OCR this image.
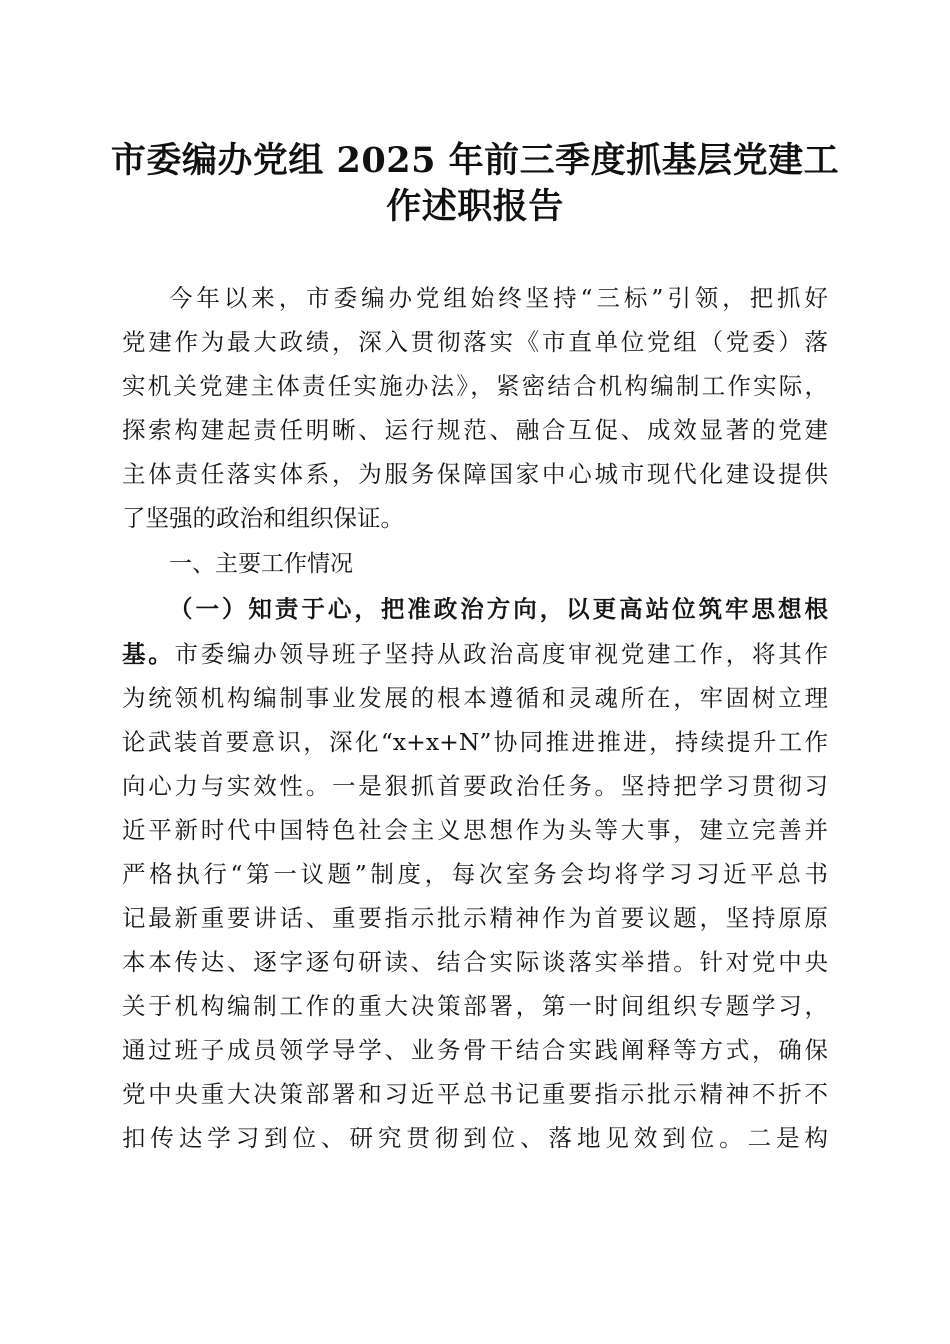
市委编办党组 2025 年前三季度抓基层党建工
作述职报告
今年以来，市委编办党组始终坚持“三标”引领，把抓好
党建作为最大政绩，深入贯彻落实《市直单位党组（党委）落
实机关党建主体责任实施办法》，紧密结合机构编制工作实际，
探索构建起责任明晰、运行规范、融合互促、成效显著的党建
主体责任落实体系，为服务保障国家中心城市现代化建设提供
了坚强的政治和组织保证。
一、主要工作情况
（一）知责于心，把准政治方向，以更高站位筑牢思想根
基。市委编办领导班子坚持从政治高度审视党建工作，将其作
为统领机构编制事业发展的根本遵循和灵魂所在，牢固树立理
论武装首要意识，深化“x+x+N”协同推进推进，持续提升工作
向心力与实效性。一是狠抓首要政治任务。坚持把学习贯彻习
近平新时代中国特色社会主义思想作为头等大事，建立完善并
严格执行“第一议题”制度，每次室务会均将学习习近平总书
记最新重要讲话、重要指示批示精神作为首要议题，坚持原原
本本传达、逐字逐句研读、结合实际谈落实举措。针对党中央
关于机构编制工作的重大决策部署，第一时间组织专题学习，
通过班子成员领学导学、业务骨干结合实践阐释等方式，确保
党中央重大决策部署和习近平总书记重要指示批示精神不折不
扣传达学习到位、研究贯彻到位、落地见效到位。二是构
